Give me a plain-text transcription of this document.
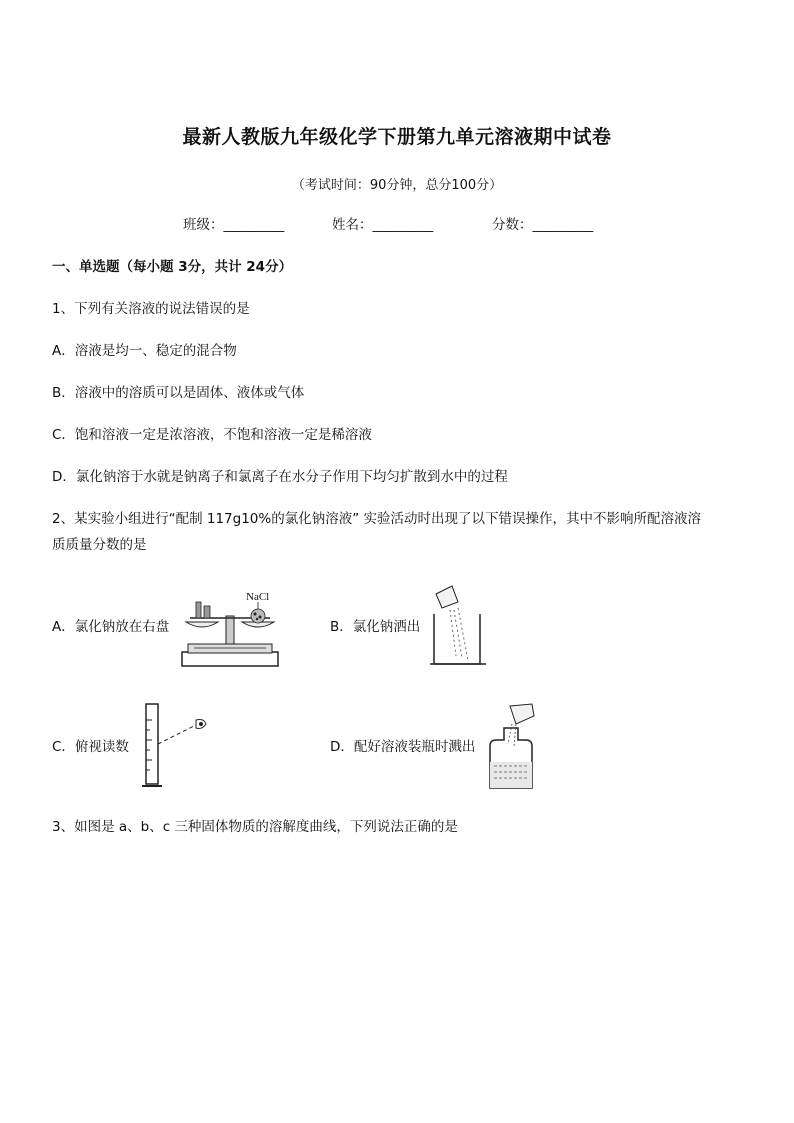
最新人教版九年级化学下册第九单元溶液期中试卷
（考试时间：90分钟，总分100分）
班级：_________	姓名：_________	分数：_________
一、单选题（每小题 3分，共计 24分）
1、下列有关溶液的说法错误的是
A．溶液是均一、稳定的混合物
B．溶液中的溶质可以是固体、液体或气体
C．饱和溶液一定是浓溶液，不饱和溶液一定是稀溶液
D．氯化钠溶于水就是钠离子和氯离子在水分子作用下均匀扩散到水中的过程
2、某实验小组进行“配制 117g10%的氯化钠溶液” 实验活动时出现了以下错误操作，其中不影响所配溶液溶
质质量分数的是
A．氯化钠放在右盘
NaCl
B．氯化钠洒出
C．俯视读数	D．配好溶液装瓶时溅出
3、如图是 a、b、c 三种固体物质的溶解度曲线，下列说法正确的是
